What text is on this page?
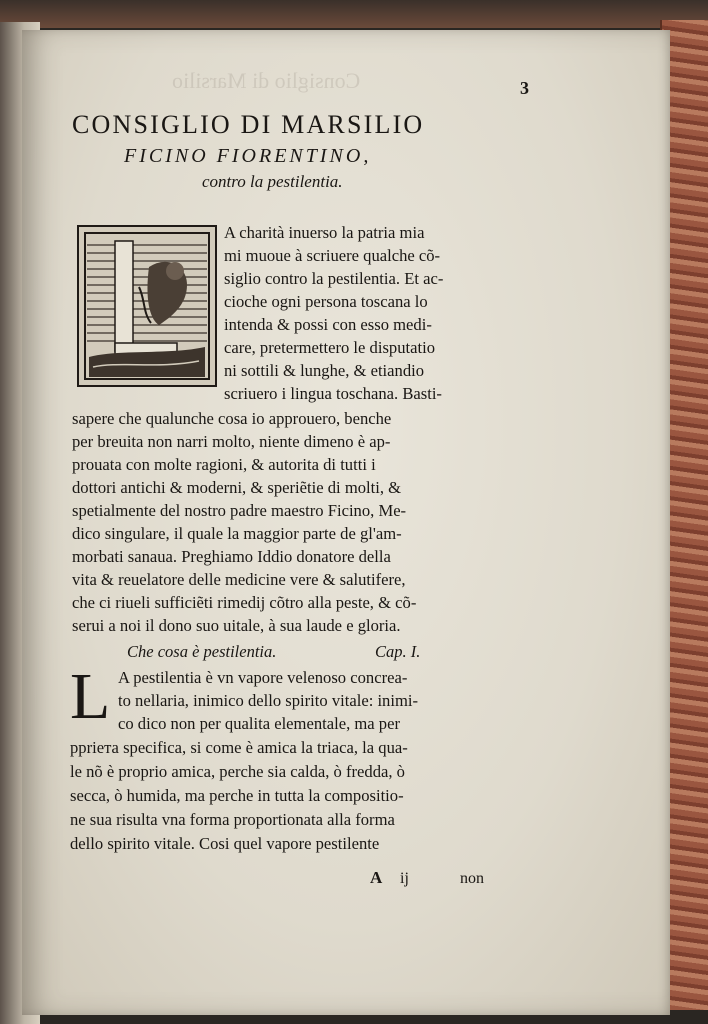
Consiglio di Marsilio	3
CONSIGLIO DI MARSILIO
FICINO FIORENTINO,
contro la pestilentia.
A charità inuerso la patria mia
mi muoue à scriuere qualche cõ-
siglio contro la pestilentia. Et ac-
cioche ogni persona toscana lo
intenda & possi con esso medi-
care, pretermettero le disputatio
ni sottili & lunghe, & etiandio
scriuero i lingua toschana. Basti-
sapere che qualunche cosa io approuero, benche
per breuita non narri molto, niente dimeno è ap-
prouata con molte ragioni, & autorita di tutti i
dottori antichi & moderni, & speriẽtie di molti, &
spetialmente del nostro padre maestro Ficino, Me-
dico singulare, il quale la maggior parte de gl'am-
morbati sanaua. Preghiamo Iddio donatore della
vita & reuelatore delle medicine vere & salutifere,
che ci riueli sufficiẽti rimedij cõtro alla peste, & cõ-
serui a noi il dono suo uitale, à sua laude e gloria.
Che cosa è pestilentia.	Cap. I.
L A pestilentia è vn vapore velenoso concrea-
to nellaria, inimico dello spirito vitale: inimi-
co dico non per qualita elementale, ma per
ppriета specifica, si come è amica la triaca, la qua-
le nõ è proprio amica, perche sia calda, ò fredda, ò
secca, ò humida, ma perche in tutta la compositio-
ne sua risulta vna forma proportionata alla forma
dello spirito vitale. Cosi quel vapore pestilente
A ij	non
